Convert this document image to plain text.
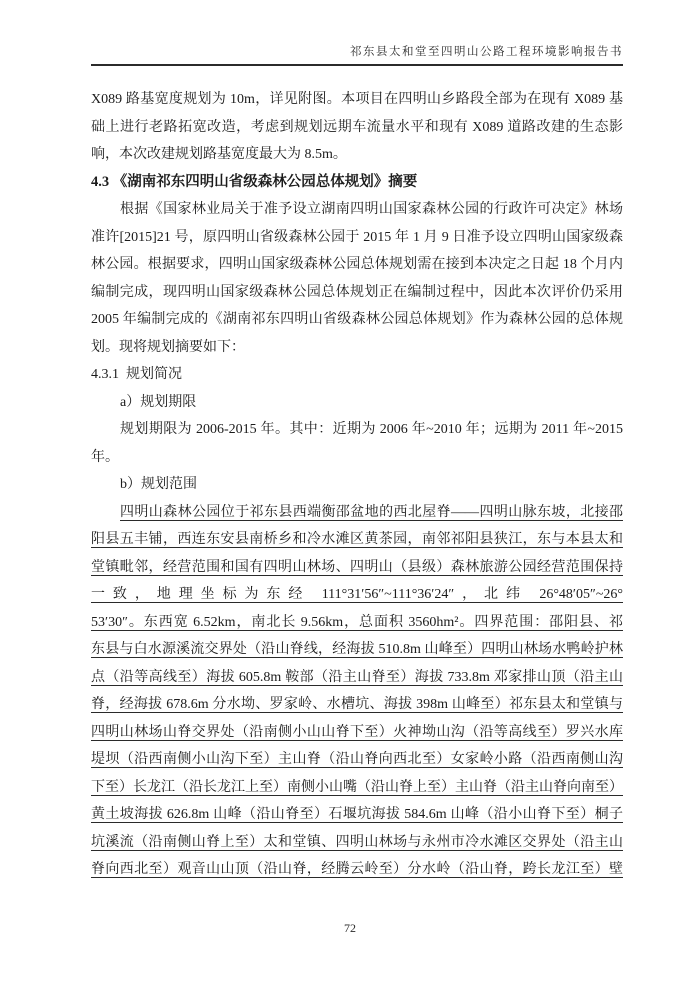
祁东县太和堂至四明山公路工程环境影响报告书
X089 路基宽度规划为 10m，详见附图。本项目在四明山乡路段全部为在现有 X089 基
础上进行老路拓宽改造，考虑到规划远期车流量水平和现有 X089 道路改建的生态影
响，本次改建规划路基宽度最大为 8.5m。
4.3 《湖南祁东四明山省级森林公园总体规划》摘要
根据《国家林业局关于准予设立湖南四明山国家森林公园的行政许可决定》林场
准许[2015]21 号，原四明山省级森林公园于 2015 年 1 月 9 日准予设立四明山国家级森
林公园。根据要求，四明山国家级森林公园总体规划需在接到本决定之日起 18 个月内
编制完成，现四明山国家级森林公园总体规划正在编制过程中，因此本次评价仍采用
2005 年编制完成的《湖南祁东四明山省级森林公园总体规划》作为森林公园的总体规
划。现将规划摘要如下：
4.3.1  规划简况
a）规划期限
规划期限为 2006-2015 年。其中：近期为 2006 年~2010 年；远期为 2011 年~2015
年。
b）规划范围
四明山森林公园位于祁东县西端衡邵盆地的西北屋脊——四明山脉东坡，北接邵
阳县五丰铺，西连东安县南桥乡和冷水滩区黄茶园，南邻祁阳县狭江，东与本县太和
堂镇毗邻，经营范围和国有四明山林场、四明山（县级）森林旅游公园经营范围保持
一致，地理坐标为东经 111°31′56″~111°36′24″，北纬 26°48′05″~26°
53′30″。东西宽 6.52km，南北长 9.56km，总面积 3560hm²。四界范围：邵阳县、祁
东县与白水源溪流交界处（沿山脊线，经海拔 510.8m 山峰至）四明山林场水鸭岭护林
点（沿等高线至）海拔 605.8m 鞍部（沿主山脊至）海拔 733.8m 邓家排山顶（沿主山
脊，经海拔 678.6m 分水坳、罗家岭、水槽坑、海拔 398m 山峰至）祁东县太和堂镇与
四明山林场山脊交界处（沿南侧小山山脊下至）火神坳山沟（沿等高线至）罗兴水库
堤坝（沿西南侧小山沟下至）主山脊（沿山脊向西北至）女家岭小路（沿西南侧山沟
下至）长龙江（沿长龙江上至）南侧小山嘴（沿山脊上至）主山脊（沿主山脊向南至）
黄土坡海拔 626.8m 山峰（沿山脊至）石堰坑海拔 584.6m 山峰（沿小山脊下至）桐子
坑溪流（沿南侧山脊上至）太和堂镇、四明山林场与永州市冷水滩区交界处（沿主山
脊向西北至）观音山山顶（沿山脊，经腾云岭至）分水岭（沿山脊，跨长龙江至）壁
72
